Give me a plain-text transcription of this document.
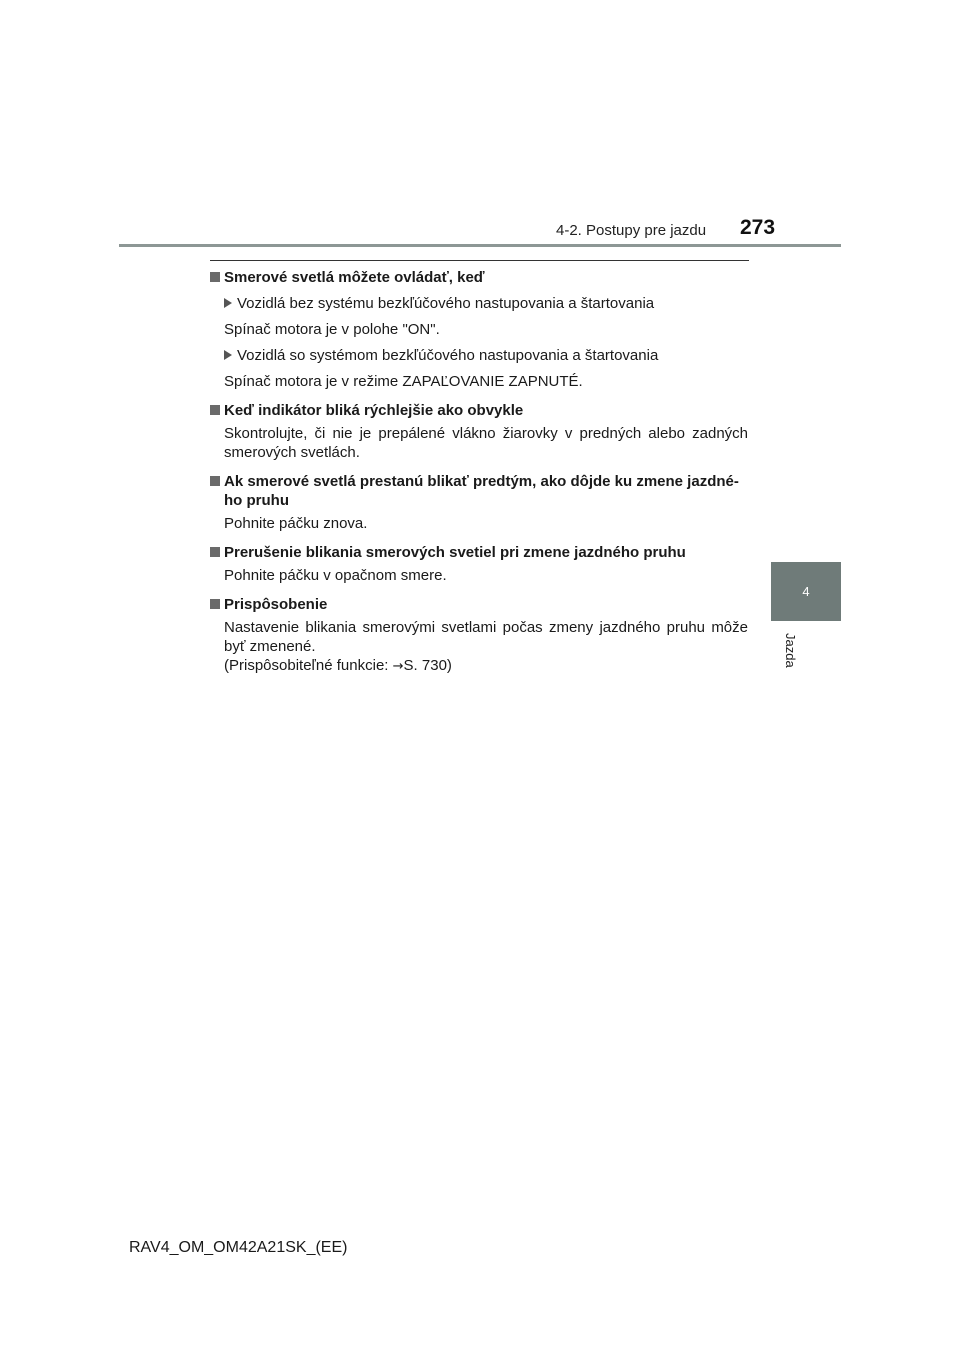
4-2. Postupy pre jazdu 273
4
Jazda
Smerové svetlá môžete ovládať, keď
Vozidlá bez systému bezkľúčového nastupovania a štartovania

Spínač motora je v polohe "ON".

Vozidlá so systémom bezkľúčového nastupovania a štartovania

Spínač motora je v režime ZAPAĽOVANIE ZAPNUTÉ.

Keď indikátor bliká rýchlejšie ako obvykle

Skontrolujte, či nie je prepálené vlákno žiarovky v predných alebo zadných smerových svetlách.

Ak smerové svetlá prestanú blikať predtým, ako dôjde ku zmene jazdné-ho pruhu

Pohnite páčku znova.

Prerušenie blikania smerových svetiel pri zmene jazdného pruhu

Pohnite páčku v opačnom smere.

Prispôsobenie

Nastavenie blikania smerovými svetlami počas zmeny jazdného pruhu môže byť zmenené.

(Prispôsobiteľné funkcie: →S. 730)

RAV4_OM_OM42A21SK_(EE)
